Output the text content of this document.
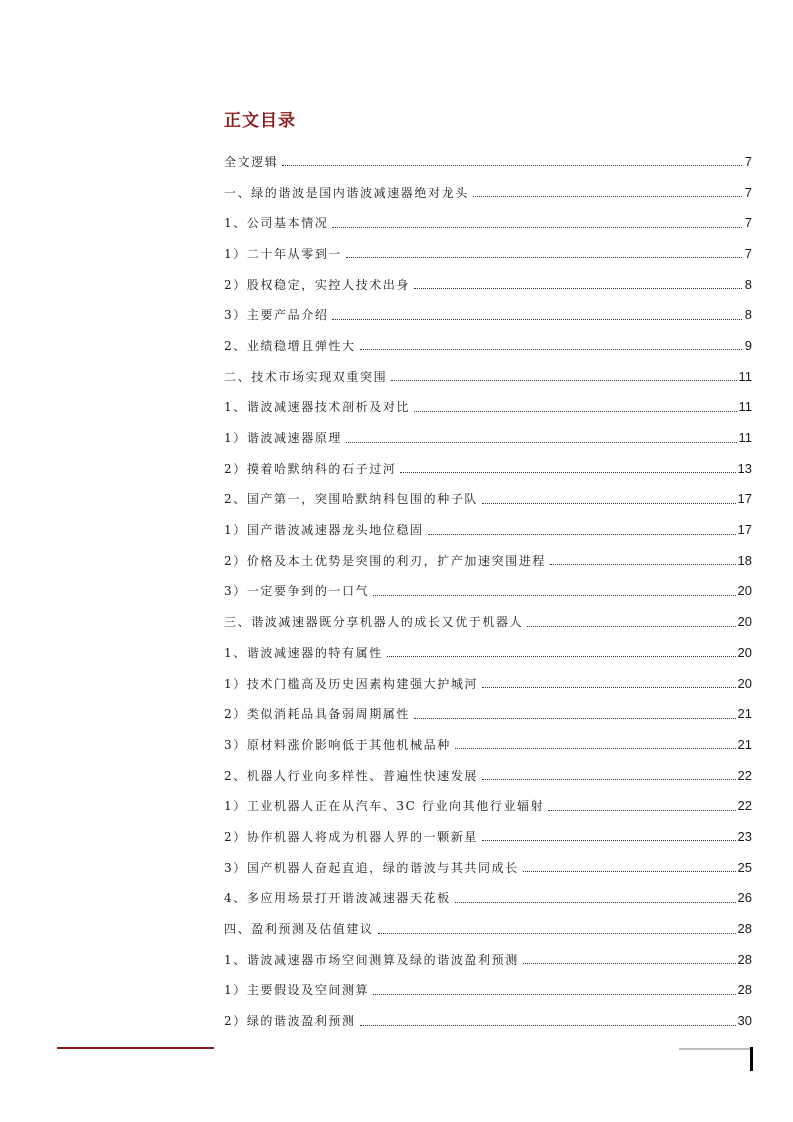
正文目录
全文逻辑	7
一、绿的谐波是国内谐波减速器绝对龙头	7
1、公司基本情况	7
1）二十年从零到一	7
2）股权稳定，实控人技术出身	8
3）主要产品介绍	8
2、业绩稳增且弹性大	9
二、技术市场实现双重突围	11
1、谐波减速器技术剖析及对比	11
1）谐波减速器原理	11
2）摸着哈默纳科的石子过河	13
2、国产第一，突围哈默纳科包围的种子队	17
1）国产谐波减速器龙头地位稳固	17
2）价格及本土优势是突围的利刃，扩产加速突围进程	18
3）一定要争到的一口气	20
三、谐波减速器既分享机器人的成长又优于机器人	20
1、谐波减速器的特有属性	20
1）技术门槛高及历史因素构建强大护城河	20
2）类似消耗品具备弱周期属性	21
3）原材料涨价影响低于其他机械品种	21
2、机器人行业向多样性、普遍性快速发展	22
1）工业机器人正在从汽车、3C 行业向其他行业辐射	22
2）协作机器人将成为机器人界的一颗新星	23
3）国产机器人奋起直追，绿的谐波与其共同成长	25
4、多应用场景打开谐波减速器天花板	26
四、盈利预测及估值建议	28
1、谐波减速器市场空间测算及绿的谐波盈利预测	28
1）主要假设及空间测算	28
2）绿的谐波盈利预测	30
